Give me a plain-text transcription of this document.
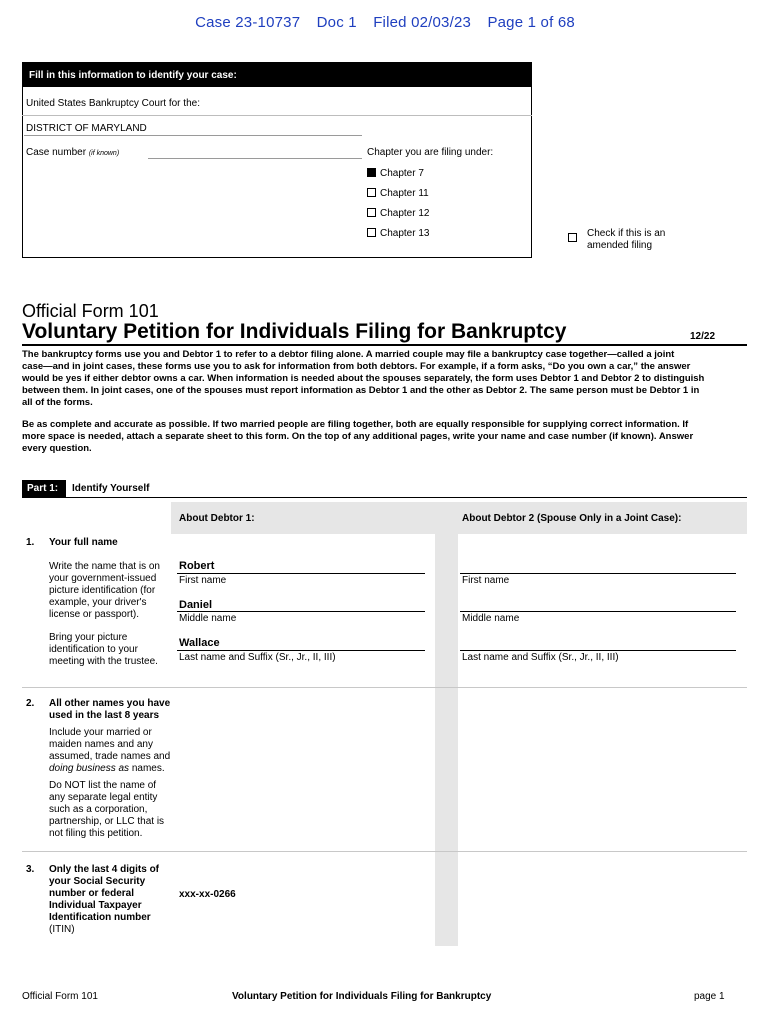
Case 23-10737 Doc 1 Filed 02/03/23 Page 1 of 68
Fill in this information to identify your case:
United States Bankruptcy Court for the:
DISTRICT OF MARYLAND
Case number (if known)	Chapter you are filing under:
Chapter 7
Chapter 11
Chapter 12
Chapter 13	Check if this is an
amended filing
Official Form 101
Voluntary Petition for Individuals Filing for Bankruptcy	12/22
The bankruptcy forms use you and Debtor 1 to refer to a debtor filing alone. A married couple may file a bankruptcy case together—called a joint
case—and in joint cases, these forms use you to ask for information from both debtors. For example, if a form asks, “Do you own a car,” the answer
would be yes if either debtor owns a car. When information is needed about the spouses separately, the form uses Debtor 1 and Debtor 2 to distinguish
between them. In joint cases, one of the spouses must report information as Debtor 1 and the other as Debtor 2. The same person must be Debtor 1 in
all of the forms.
Be as complete and accurate as possible. If two married people are filing together, both are equally responsible for supplying correct information. If
more space is needed, attach a separate sheet to this form. On the top of any additional pages, write your name and case number (if known). Answer
every question.
Part 1:	Identify Yourself
About Debtor 1:	About Debtor 2 (Spouse Only in a Joint Case):
1. Your full name
Write the name that is on
your government-issued
picture identification (for
example, your driver's
license or passport).
Bring your picture
identification to your
meeting with the trustee.
Robert
First name
Daniel
Middle name
Wallace
Last name and Suffix (Sr., Jr., II, III)
First name
Middle name
Last name and Suffix (Sr., Jr., II, III)
2. All other names you have
used in the last 8 years
Include your married or
maiden names and any
assumed, trade names and
doing business as names.
Do NOT list the name of
any separate legal entity
such as a corporation,
partnership, or LLC that is
not filing this petition.
3. Only the last 4 digits of
your Social Security
number or federal
Individual Taxpayer
Identification number
(ITIN)
xxx-xx-0266
Official Form 101	Voluntary Petition for Individuals Filing for Bankruptcy	page 1
